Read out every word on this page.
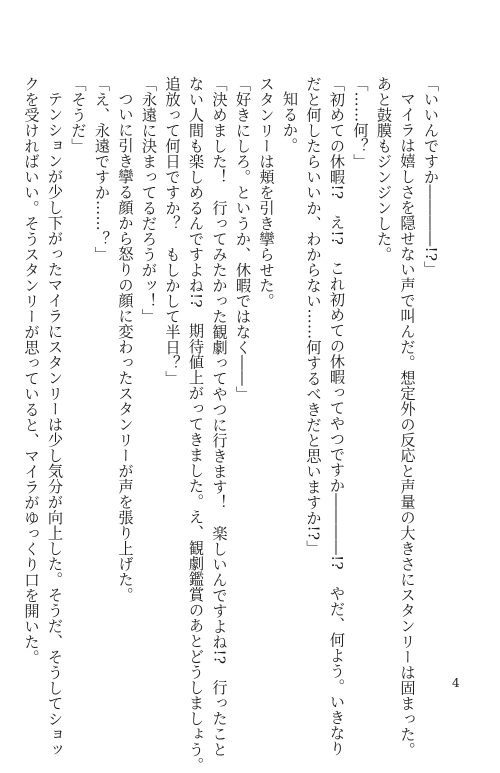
「いいんですか――――!?」
マイラは嬉しさを隠せない声で叫んだ。想定外の反応と声量の大きさにスタンリーは固まった。
あと鼓膜もジンジンした。
「……何？」
「初めての休暇!?　え!?　これ初めての休暇ってやつですか――――!?　やだ、何よう。いきなり
だと何したらいいか、わからない……何するべきだと思いますか!?」
知るか。
スタンリーは頬を引き攣らせた。
「好きにしろ。というか、休暇ではなく――」
「決めました！　行ってみたかった観劇ってやつに行きます！　楽しいんですよね!?　行ったこと
ない人間も楽しめるんですよね!?　期待値上がってきました。え、観劇鑑賞のあとどうしましょう。
追放って何日ですか？　もしかして半日？」
「永遠に決まってるだろうがッ！」
ついに引き攣る顔から怒りの顔に変わったスタンリーが声を張り上げた。
「え、永遠ですか……？」
「そうだ」
テンションが少し下がったマイラにスタンリーは少し気分が向上した。そうだ、そうしてショッ
クを受ければいい。そうスタンリーが思っていると、マイラがゆっくり口を開いた。
4
